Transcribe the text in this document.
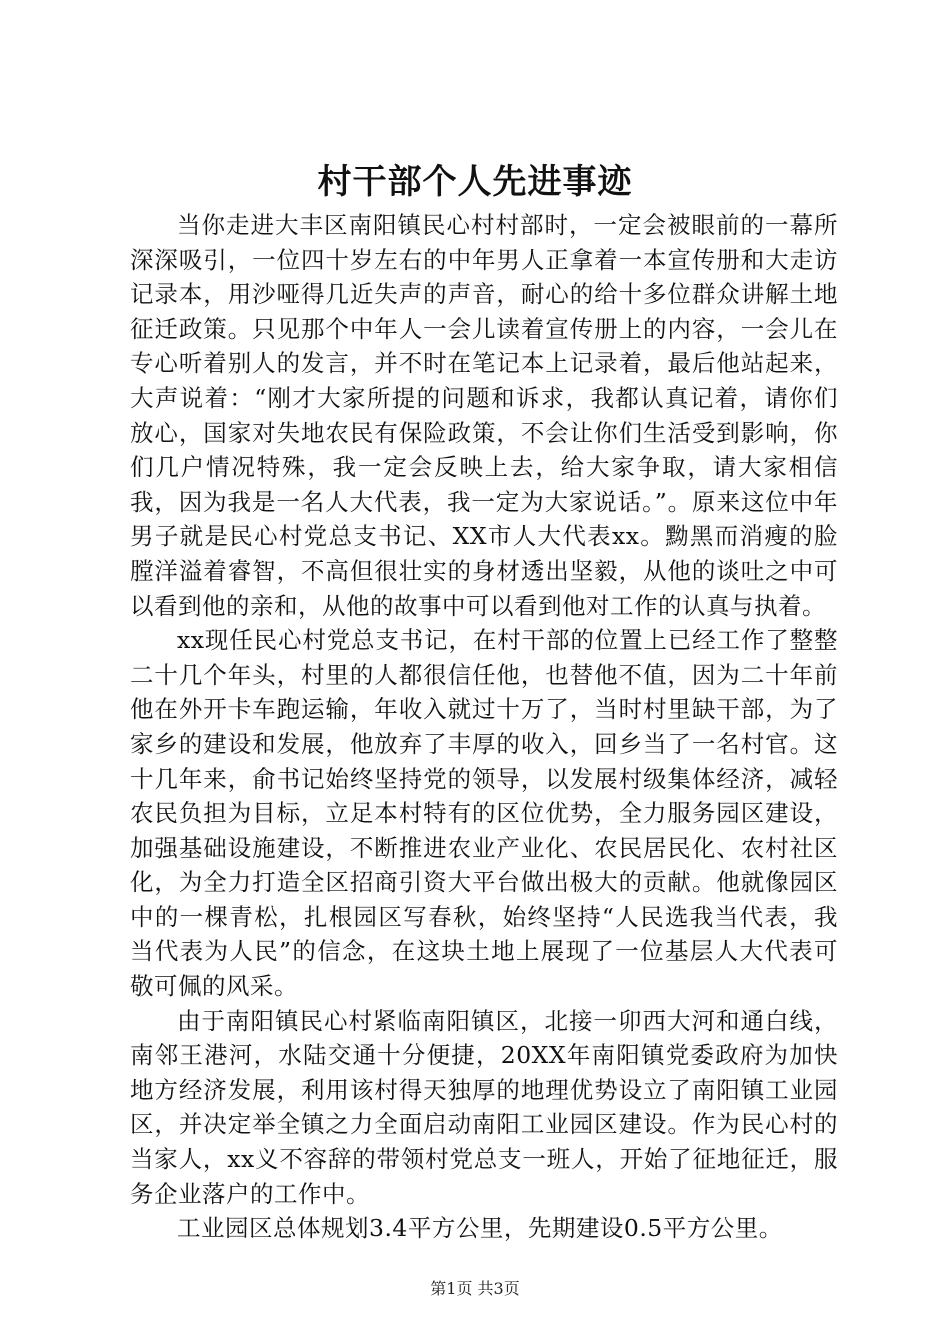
村干部个人先进事迹

当你走进大丰区南阳镇民心村村部时，一定会被眼前的一幕所深深吸引，一位四十岁左右的中年男人正拿着一本宣传册和大走访记录本，用沙哑得几近失声的声音，耐心的给十多位群众讲解土地征迁政策。只见那个中年人一会儿读着宣传册上的内容，一会儿在专心听着别人的发言，并不时在笔记本上记录着，最后他站起来，大声说着：“刚才大家所提的问题和诉求，我都认真记着，请你们放心，国家对失地农民有保险政策，不会让你们生活受到影响，你们几户情况特殊，我一定会反映上去，给大家争取，请大家相信我，因为我是一名人大代表，我一定为大家说话。”。原来这位中年男子就是民心村党总支书记、XX市人大代表xx。黝黑而消瘦的脸膛洋溢着睿智，不高但很壮实的身材透出坚毅，从他的谈吐之中可以看到他的亲和，从他的故事中可以看到他对工作的认真与执着。

xx现任民心村党总支书记，在村干部的位置上已经工作了整整二十几个年头，村里的人都很信任他，也替他不值，因为二十年前他在外开卡车跑运输，年收入就过十万了，当时村里缺干部，为了家乡的建设和发展，他放弃了丰厚的收入，回乡当了一名村官。这十几年来，俞书记始终坚持党的领导，以发展村级集体经济，减轻农民负担为目标，立足本村特有的区位优势，全力服务园区建设，加强基础设施建设，不断推进农业产业化、农民居民化、农村社区化，为全力打造全区招商引资大平台做出极大的贡献。他就像园区中的一棵青松，扎根园区写春秋，始终坚持“人民选我当代表，我当代表为人民”的信念，在这块土地上展现了一位基层人大代表可敬可佩的风采。

由于南阳镇民心村紧临南阳镇区，北接一卯西大河和通白线，南邻王港河，水陆交通十分便捷，20XX年南阳镇党委政府为加快地方经济发展，利用该村得天独厚的地理优势设立了南阳镇工业园区，并决定举全镇之力全面启动南阳工业园区建设。作为民心村的当家人，xx义不容辞的带领村党总支一班人，开始了征地征迁，服务企业落户的工作中。

工业园区总体规划3.4平方公里，先期建设0.5平方公里。

第1页 共3页
